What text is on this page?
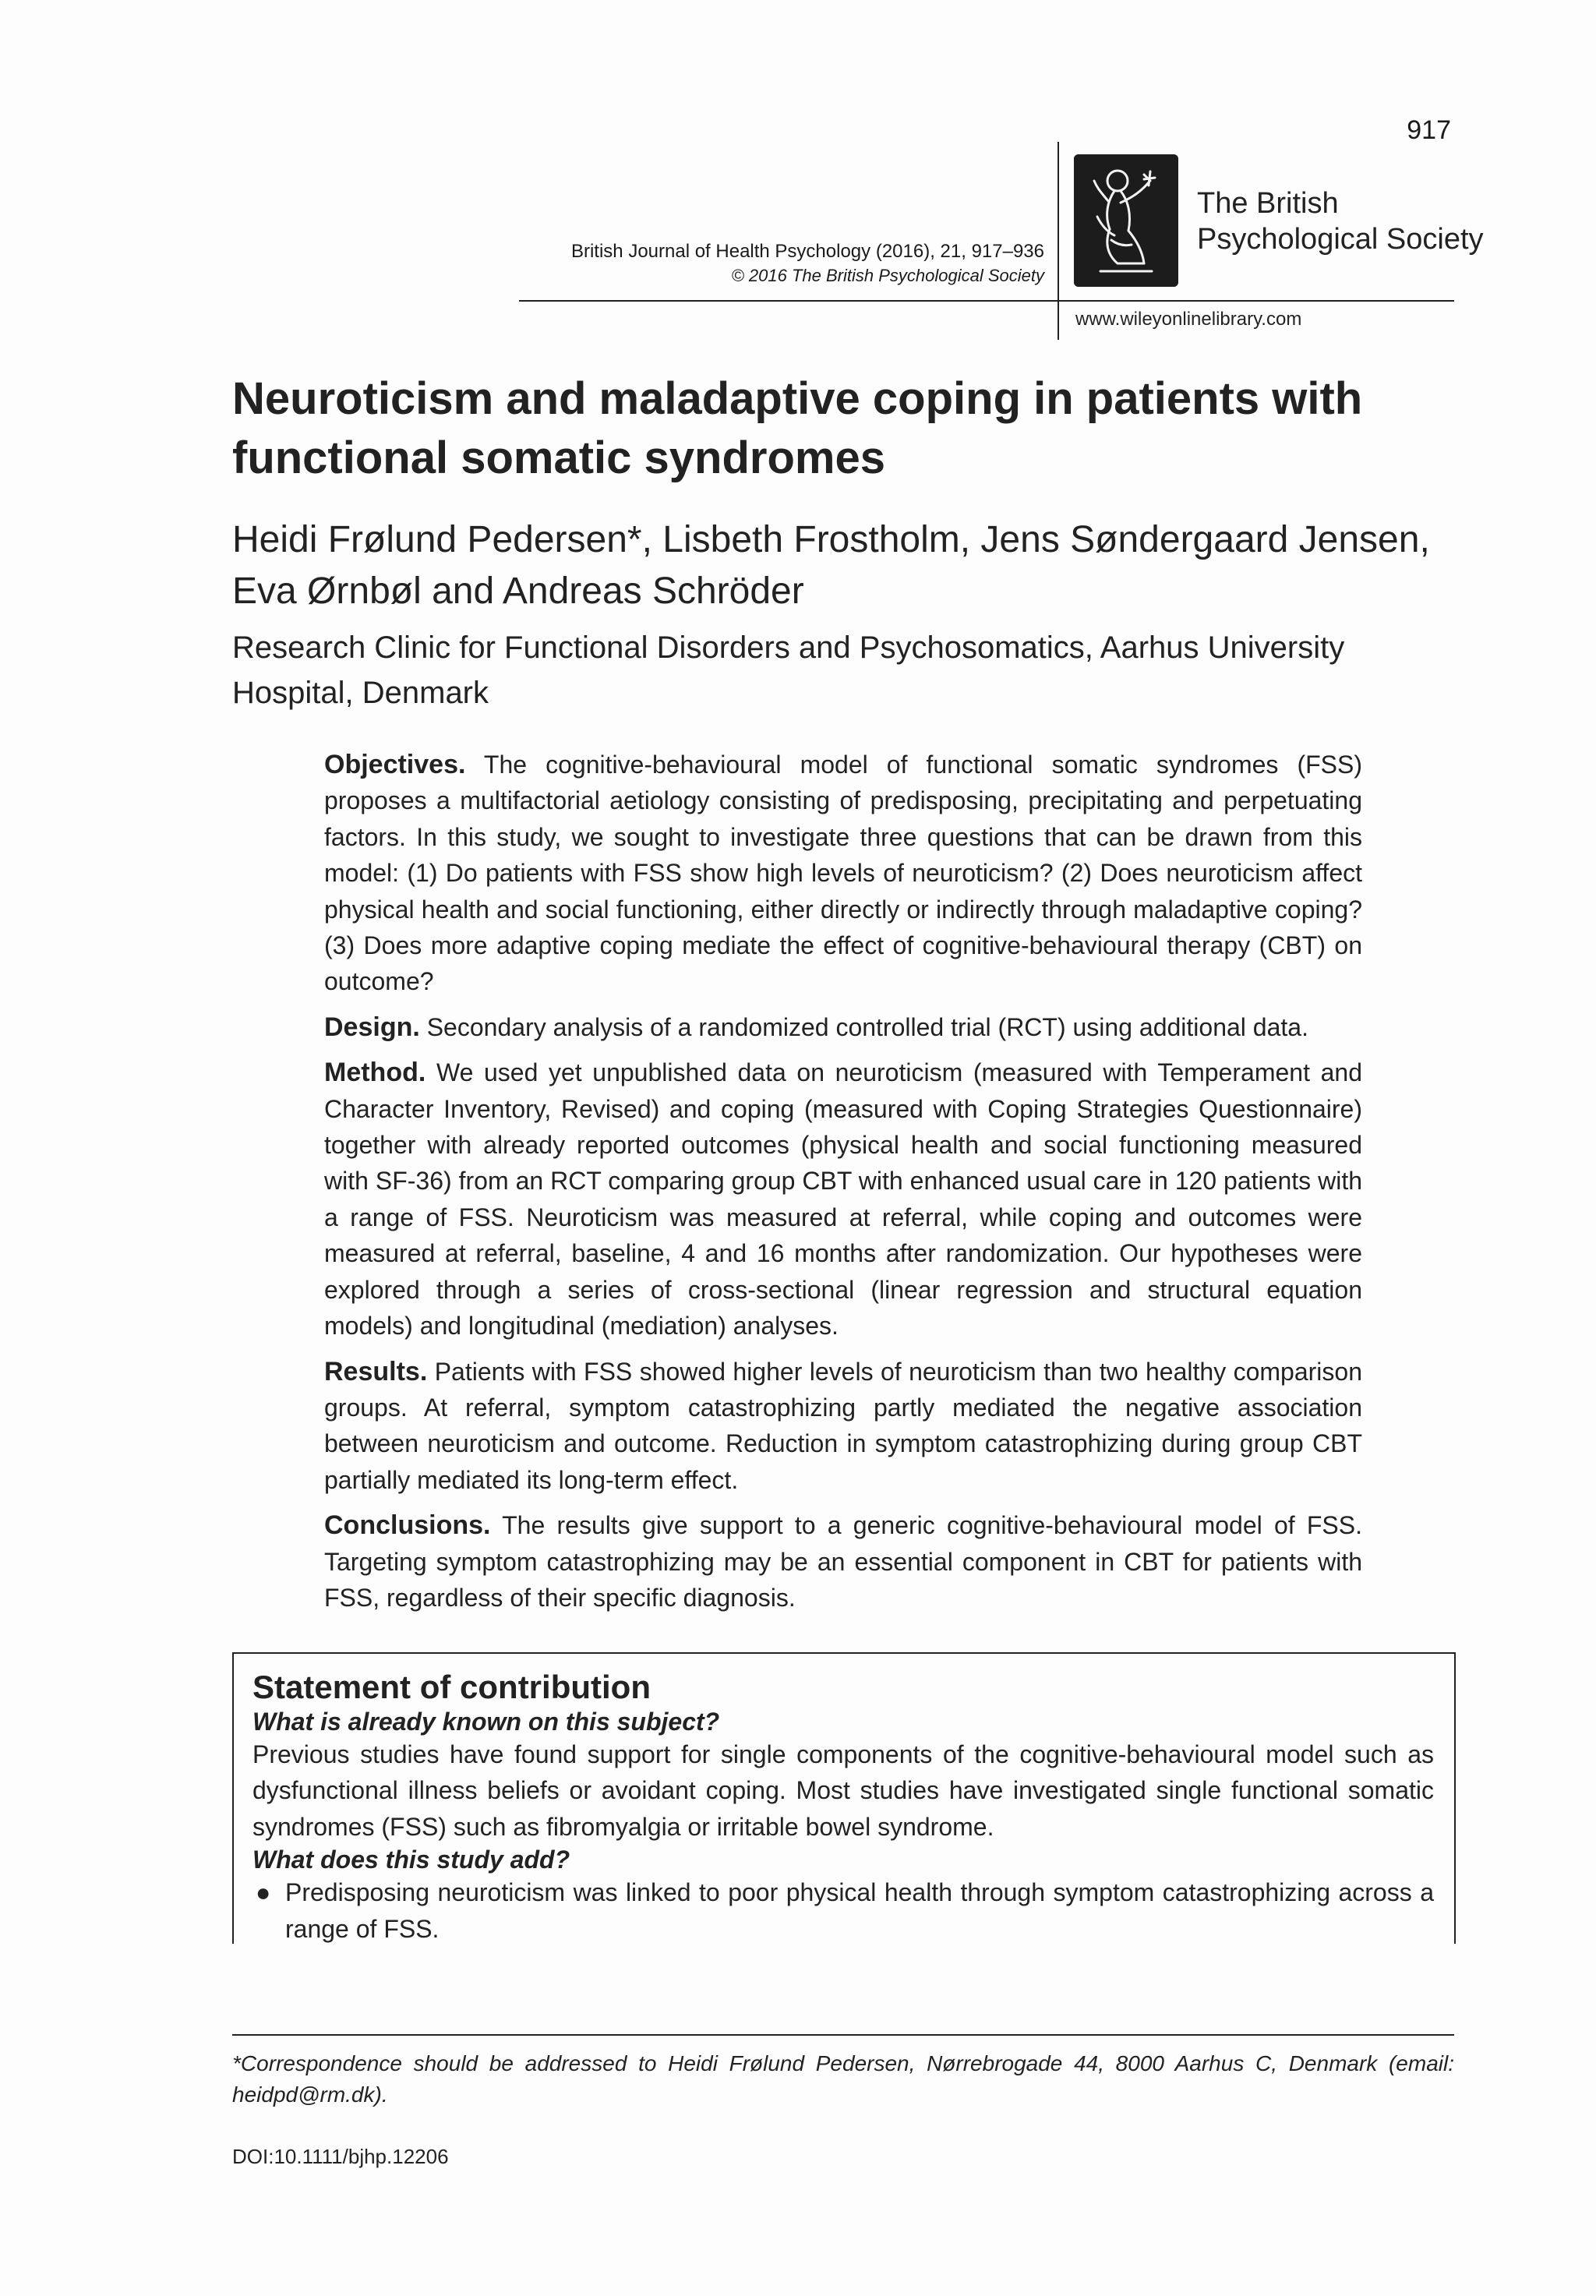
917
British Journal of Health Psychology (2016), 21, 917–936
© 2016 The British Psychological Society
The British
Psychological Society
www.wileyonlinelibrary.com
Neuroticism and maladaptive coping in patients with functional somatic syndromes

Heidi Frølund Pedersen*, Lisbeth Frostholm, Jens Søndergaard Jensen, Eva Ørnbøl and Andreas Schröder

Research Clinic for Functional Disorders and Psychosomatics, Aarhus University Hospital, Denmark

Objectives. The cognitive-behavioural model of functional somatic syndromes (FSS) proposes a multifactorial aetiology consisting of predisposing, precipitating and perpetuating factors. In this study, we sought to investigate three questions that can be drawn from this model: (1) Do patients with FSS show high levels of neuroticism? (2) Does neuroticism affect physical health and social functioning, either directly or indirectly through maladaptive coping? (3) Does more adaptive coping mediate the effect of cognitive-behavioural therapy (CBT) on outcome?

Design. Secondary analysis of a randomized controlled trial (RCT) using additional data.

Method. We used yet unpublished data on neuroticism (measured with Temperament and Character Inventory, Revised) and coping (measured with Coping Strategies Questionnaire) together with already reported outcomes (physical health and social functioning measured with SF-36) from an RCT comparing group CBT with enhanced usual care in 120 patients with a range of FSS. Neuroticism was measured at referral, while coping and outcomes were measured at referral, baseline, 4 and 16 months after randomization. Our hypotheses were explored through a series of cross-sectional (linear regression and structural equation models) and longitudinal (mediation) analyses.

Results. Patients with FSS showed higher levels of neuroticism than two healthy comparison groups. At referral, symptom catastrophizing partly mediated the negative association between neuroticism and outcome. Reduction in symptom catastrophizing during group CBT partially mediated its long-term effect.

Conclusions. The results give support to a generic cognitive-behavioural model of FSS. Targeting symptom catastrophizing may be an essential component in CBT for patients with FSS, regardless of their specific diagnosis.

Statement of contribution

What is already known on this subject?

Previous studies have found support for single components of the cognitive-behavioural model such as dysfunctional illness beliefs or avoidant coping. Most studies have investigated single functional somatic syndromes (FSS) such as fibromyalgia or irritable bowel syndrome.

What does this study add?

● Predisposing neuroticism was linked to poor physical health through symptom catastrophizing across a range of FSS.
*Correspondence should be addressed to Heidi Frølund Pedersen, Nørrebrogade 44, 8000 Aarhus C, Denmark (email: heidpd@rm.dk).
DOI:10.1111/bjhp.12206
